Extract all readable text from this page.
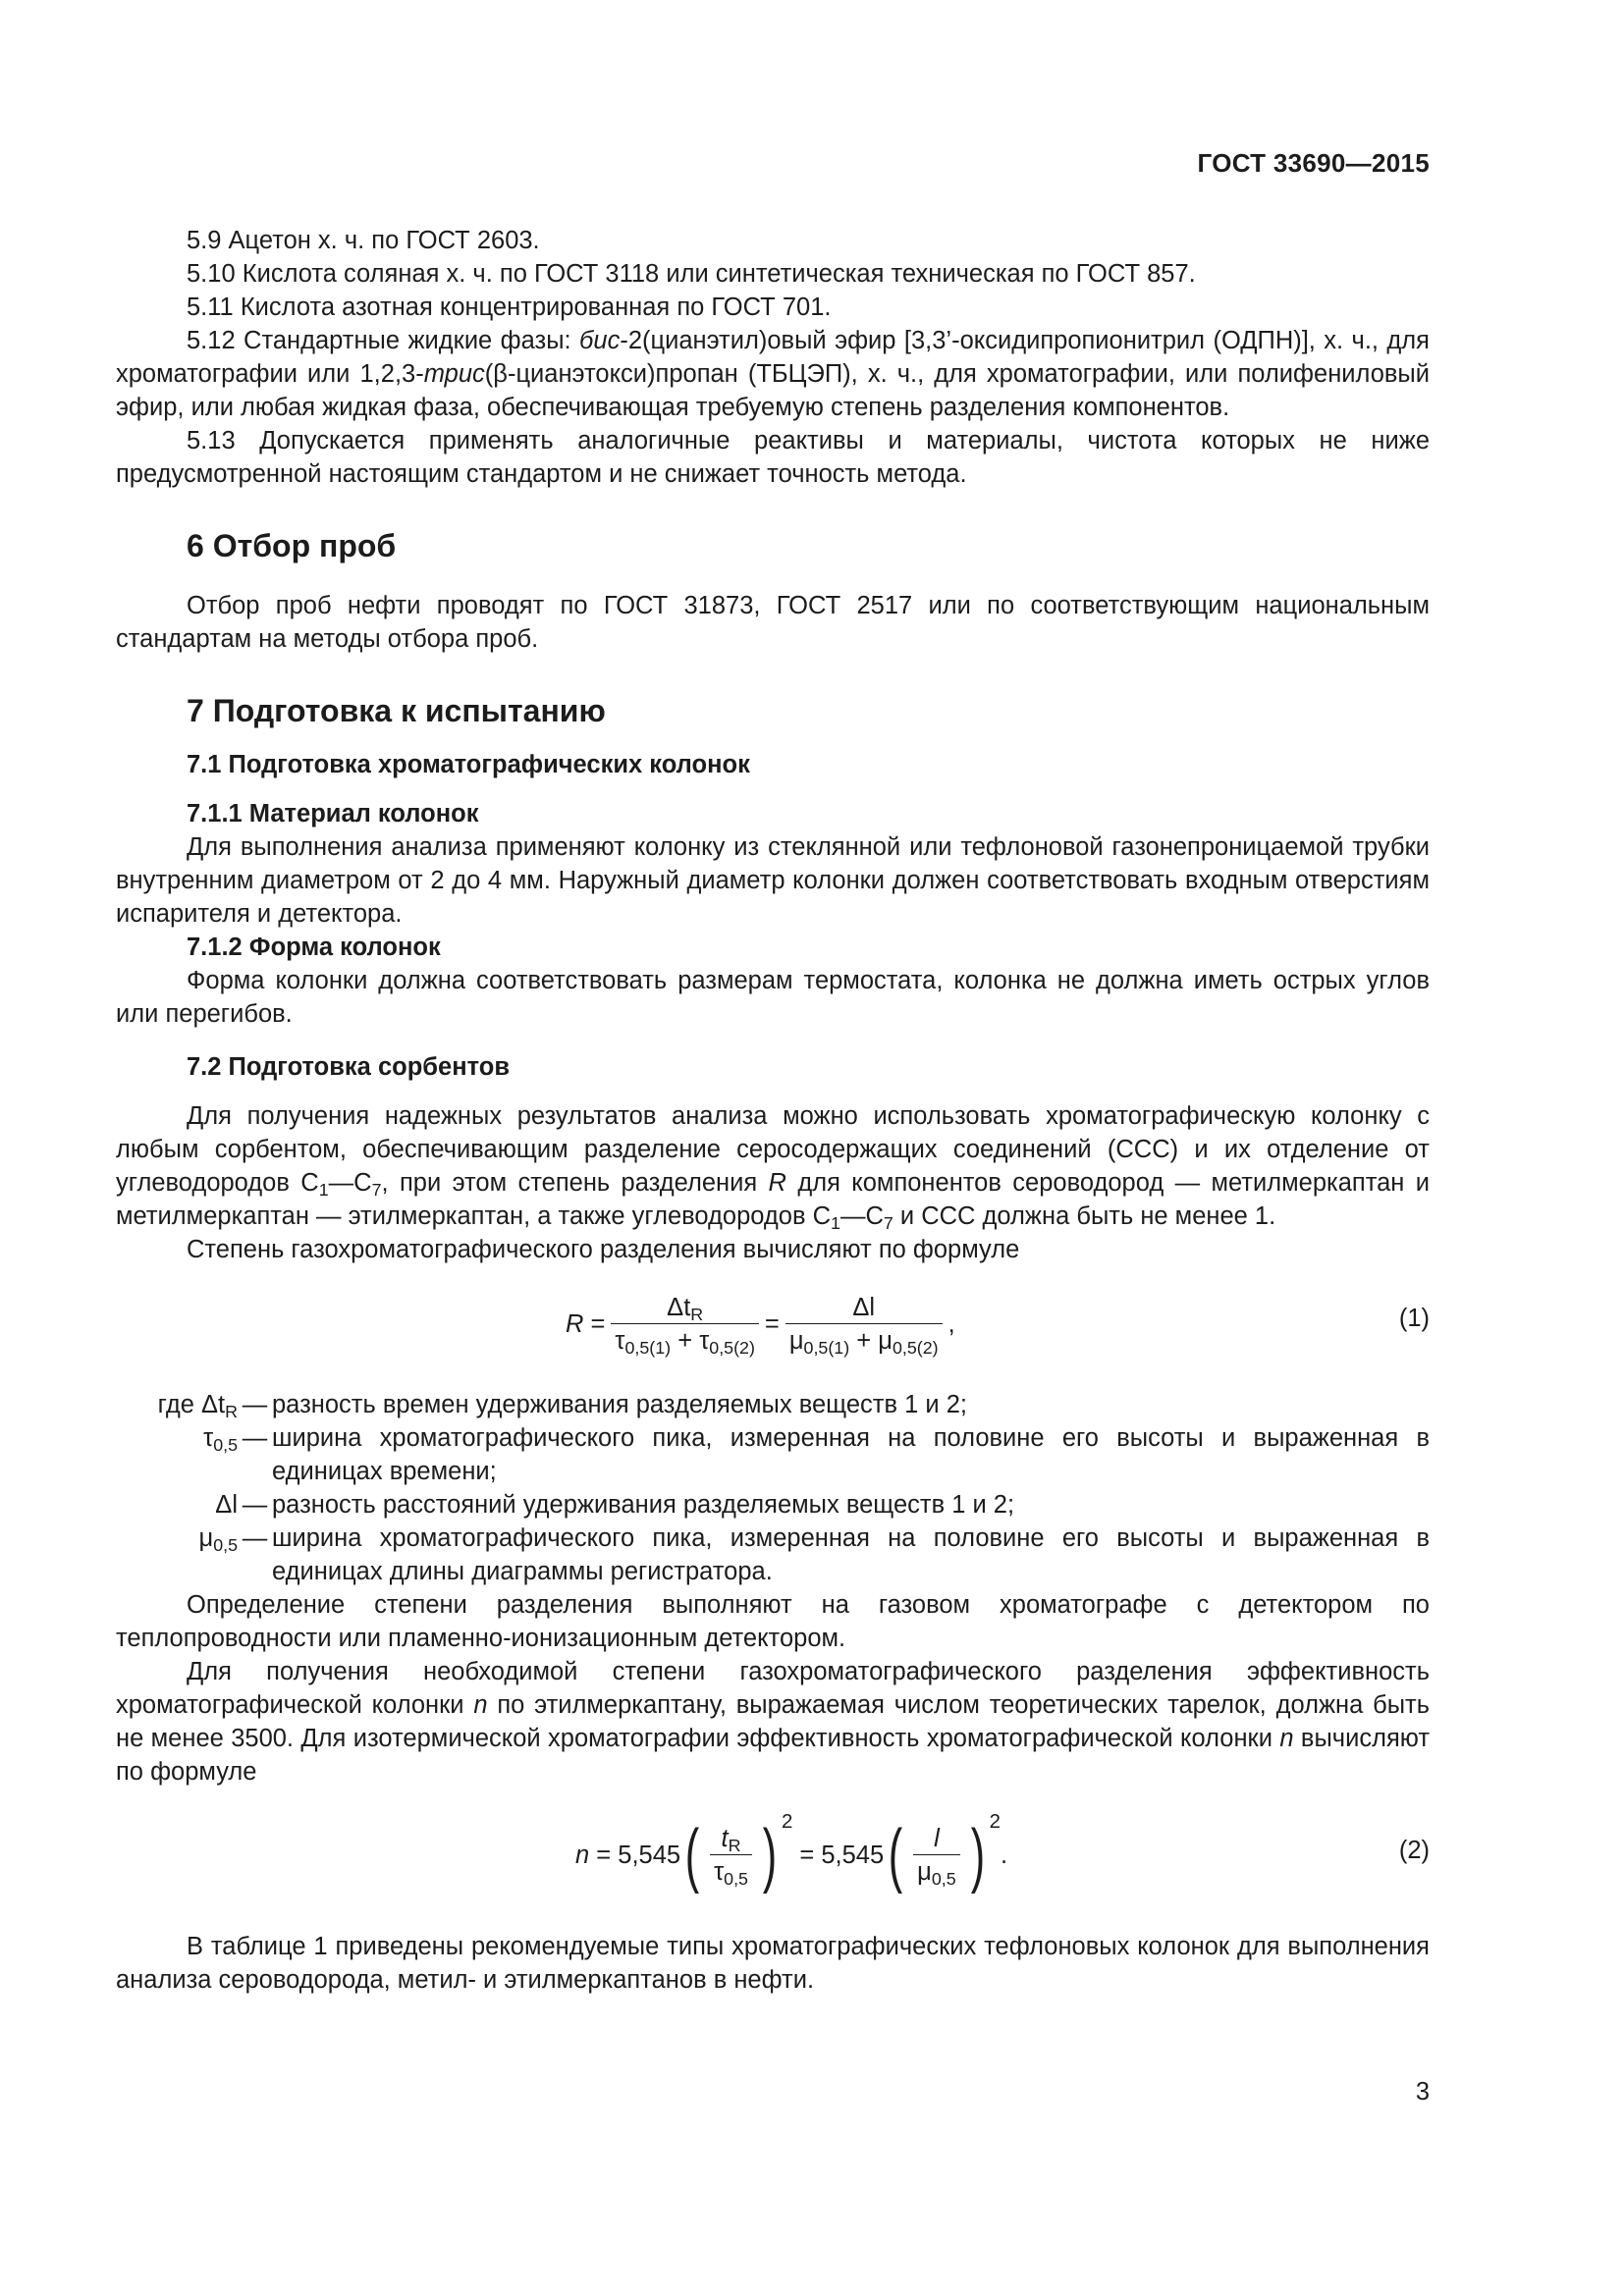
ГОСТ 33690—2015

5.9 Ацетон х. ч. по ГОСТ 2603.

5.10 Кислота соляная х. ч. по ГОСТ 3118 или синтетическая техническая по ГОСТ 857.

5.11 Кислота азотная концентрированная по ГОСТ 701.

5.12 Стандартные жидкие фазы: бис-2(цианэтил)овый эфир [3,3’-оксидипропионитрил (ОДПН)], х. ч., для хроматографии или 1,2,3-трис(β-цианэтокси)пропан (ТБЦЭП), х. ч., для хроматографии, или полифениловый эфир, или любая жидкая фаза, обеспечивающая требуемую степень разделения компонентов.

5.13 Допускается применять аналогичные реактивы и материалы, чистота которых не ниже предусмотренной настоящим стандартом и не снижает точность метода.

6 Отбор проб

Отбор проб нефти проводят по ГОСТ 31873, ГОСТ 2517 или по соответствующим национальным стандартам на методы отбора проб.

7 Подготовка к испытанию
7.1 Подготовка хроматографических колонок
7.1.1 Материал колонок

Для выполнения анализа применяют колонку из стеклянной или тефлоновой газонепроницаемой трубки внутренним диаметром от 2 до 4 мм. Наружный диаметр колонки должен соответствовать входным отверстиям испарителя и детектора.

7.1.2 Форма колонок

Форма колонки должна соответствовать размерам термостата, колонка не должна иметь острых углов или перегибов.

7.2 Подготовка сорбентов

Для получения надежных результатов анализа можно использовать хроматографическую колонку с любым сорбентом, обеспечивающим разделение серосодержащих соединений (ССС) и их отделение от углеводородов $С_1—С_7$, при этом степень разделения R для компонентов сероводород — метилмеркаптан и метилмеркаптан — этилмеркаптан, а также углеводородов $С_1—С_7$ и ССС должна быть не менее 1.

Степень газохроматографического разделения вычисляют по формуле

R
= $\frac{\Delta t_R}{\tau_{0,5(1)} + \tau_{0,5(2)}} = \frac{\Delta l}{\mu_{0,5(1)} + \mu_{0,5(2)}}$ ,	(1)
где $\Delta t_R$ — разность времен удерживания разделяемых веществ 1 и 2;
$\tau_{0,5}$ — ширина хроматографического пика, измеренная на половине его высоты и выраженная в единицах времени;
Δl — разность расстояний удерживания разделяемых веществ 1 и 2;
$\mu_{0,5}$ — ширина хроматографического пика, измеренная на половине его высоты и выраженная в единицах длины диаграммы регистратора.

Определение степени разделения выполняют на газовом хроматографе с детектором по теплопроводности или пламенно-ионизационным детектором.

Для получения необходимой степени газохроматографического разделения эффективность хроматографической колонки n по этилмеркаптану, выражаемая числом теоретических тарелок, должна быть не менее 3500. Для изотермической хроматографии эффективность хроматографической колонки n вычисляют по формуле

n
= 5,545 ( $\frac{t_R}{\tau_{0,5}}$ ) 2

= 5,545 ( $\frac{l}{\mu_{0,5}}$ ) 2
.	(2)

В таблице 1 приведены рекомендуемые типы хроматографических тефлоновых колонок для выполнения анализа сероводорода, метил- и этилмеркаптанов в нефти.

3
